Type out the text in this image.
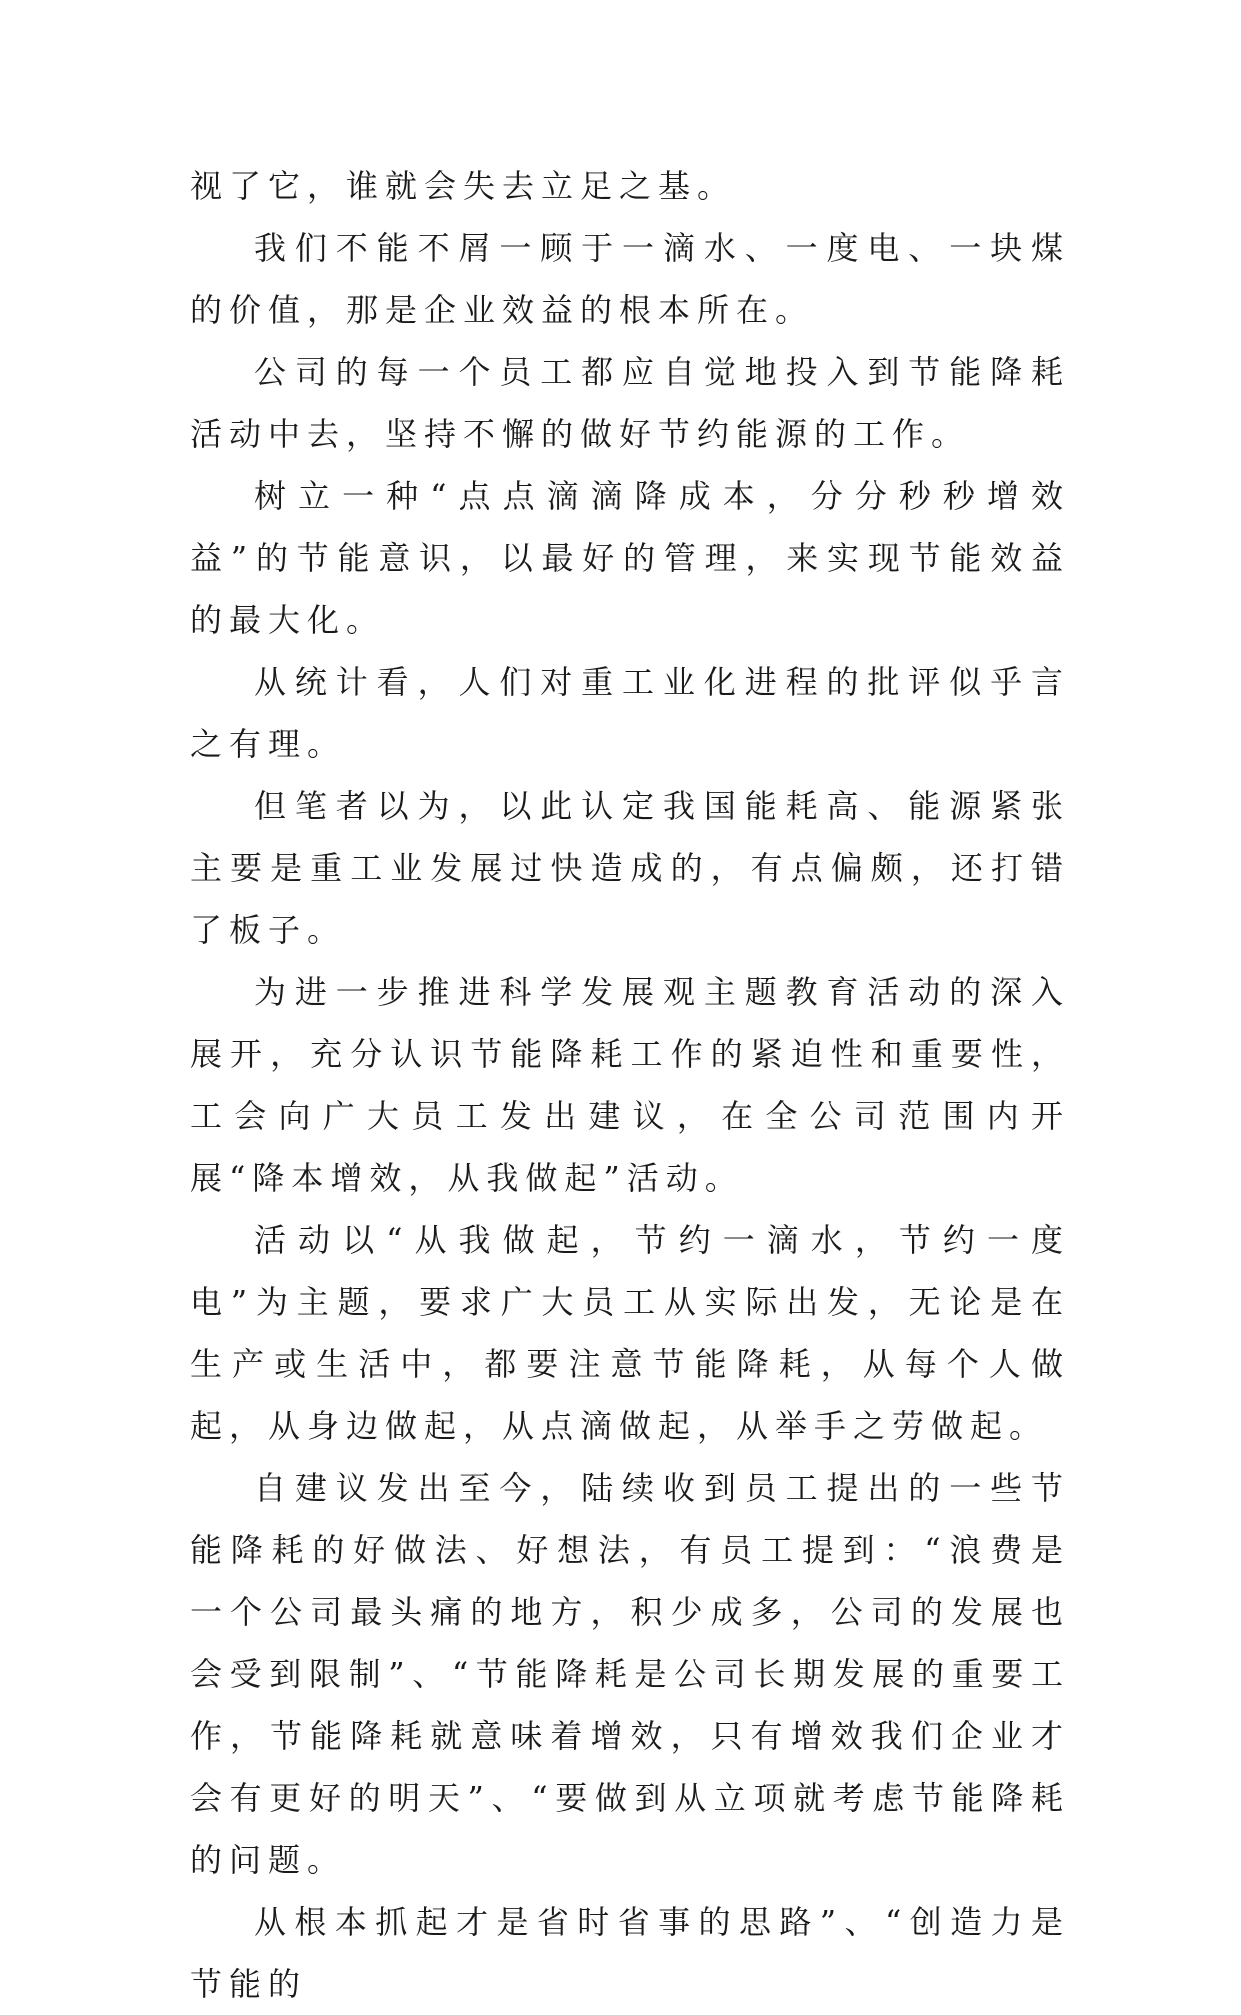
视了它，谁就会失去立足之基。

我们不能不屑一顾于一滴水、一度电、一块煤的价值，那是企业效益的根本所在。

公司的每一个员工都应自觉地投入到节能降耗活动中去，坚持不懈的做好节约能源的工作。

树立一种“点点滴滴降成本，分分秒秒增效益”的节能意识，以最好的管理，来实现节能效益的最大化。

从统计看，人们对重工业化进程的批评似乎言之有理。

但笔者以为，以此认定我国能耗高、能源紧张主要是重工业发展过快造成的，有点偏颇，还打错了板子。

为进一步推进科学发展观主题教育活动的深入展开，充分认识节能降耗工作的紧迫性和重要性，工会向广大员工发出建议，在全公司范围内开展“降本增效，从我做起”活动。

活动以“从我做起，节约一滴水，节约一度电”为主题，要求广大员工从实际出发，无论是在生产或生活中，都要注意节能降耗，从每个人做起，从身边做起，从点滴做起，从举手之劳做起。

自建议发出至今，陆续收到员工提出的一些节能降耗的好做法、好想法，有员工提到：“浪费是一个公司最头痛的地方，积少成多，公司的发展也会受到限制”、“节能降耗是公司长期发展的重要工作，节能降耗就意味着增效，只有增效我们企业才会有更好的明天”、“要做到从立项就考虑节能降耗的问题。

从根本抓起才是省时省事的思路”、“创造力是节能的
